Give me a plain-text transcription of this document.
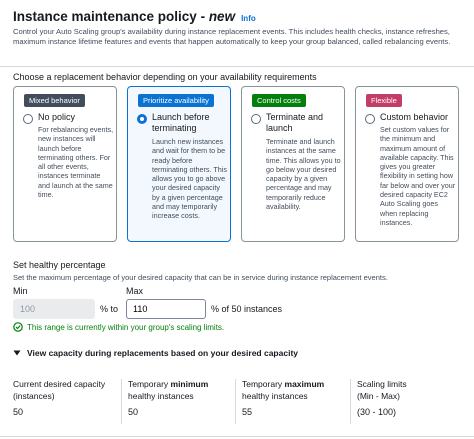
Instance maintenance policy - new Info
Control your Auto Scaling group's availability during instance replacement events. This includes health checks, instance refreshes, maximum instance lifetime features and events that happen automatically to keep your group balanced, called rebalancing events.
Choose a replacement behavior depending on your availability requirements
Mixed behavior
No policy
For rebalancing events, new instances will launch before terminating others. For all other events, instances terminate and launch at the same time.
Prioritize availability
Launch before terminating
Launch new instances and wait for them to be ready before terminating others. This allows you to go above your desired capacity by a given percentage and may temporarily increase costs.
Control costs
Terminate and launch
Terminate and launch instances at the same time. This allows you to go below your desired capacity by a given percentage and may temporarily reduce availability.
Flexible
Custom behavior
Set custom values for the minimum and maximum amount of available capacity. This gives you greater flexibility in setting how far below and over your desired capacity EC2 Auto Scaling goes when replacing instances.
Set healthy percentage
Set the maximum percentage of your desired capacity that can be in service during instance replacement events.
Min	Max
100
% to
110	% of 50 instances
This range is currently within your group's scaling limits.
View capacity during replacements based on your desired capacity
Current desired capacity
(instances)
50
Temporary minimum
healthy instances
50
Temporary maximum
healthy instances
55
Scaling limits
(Min - Max)
(30 - 100)
